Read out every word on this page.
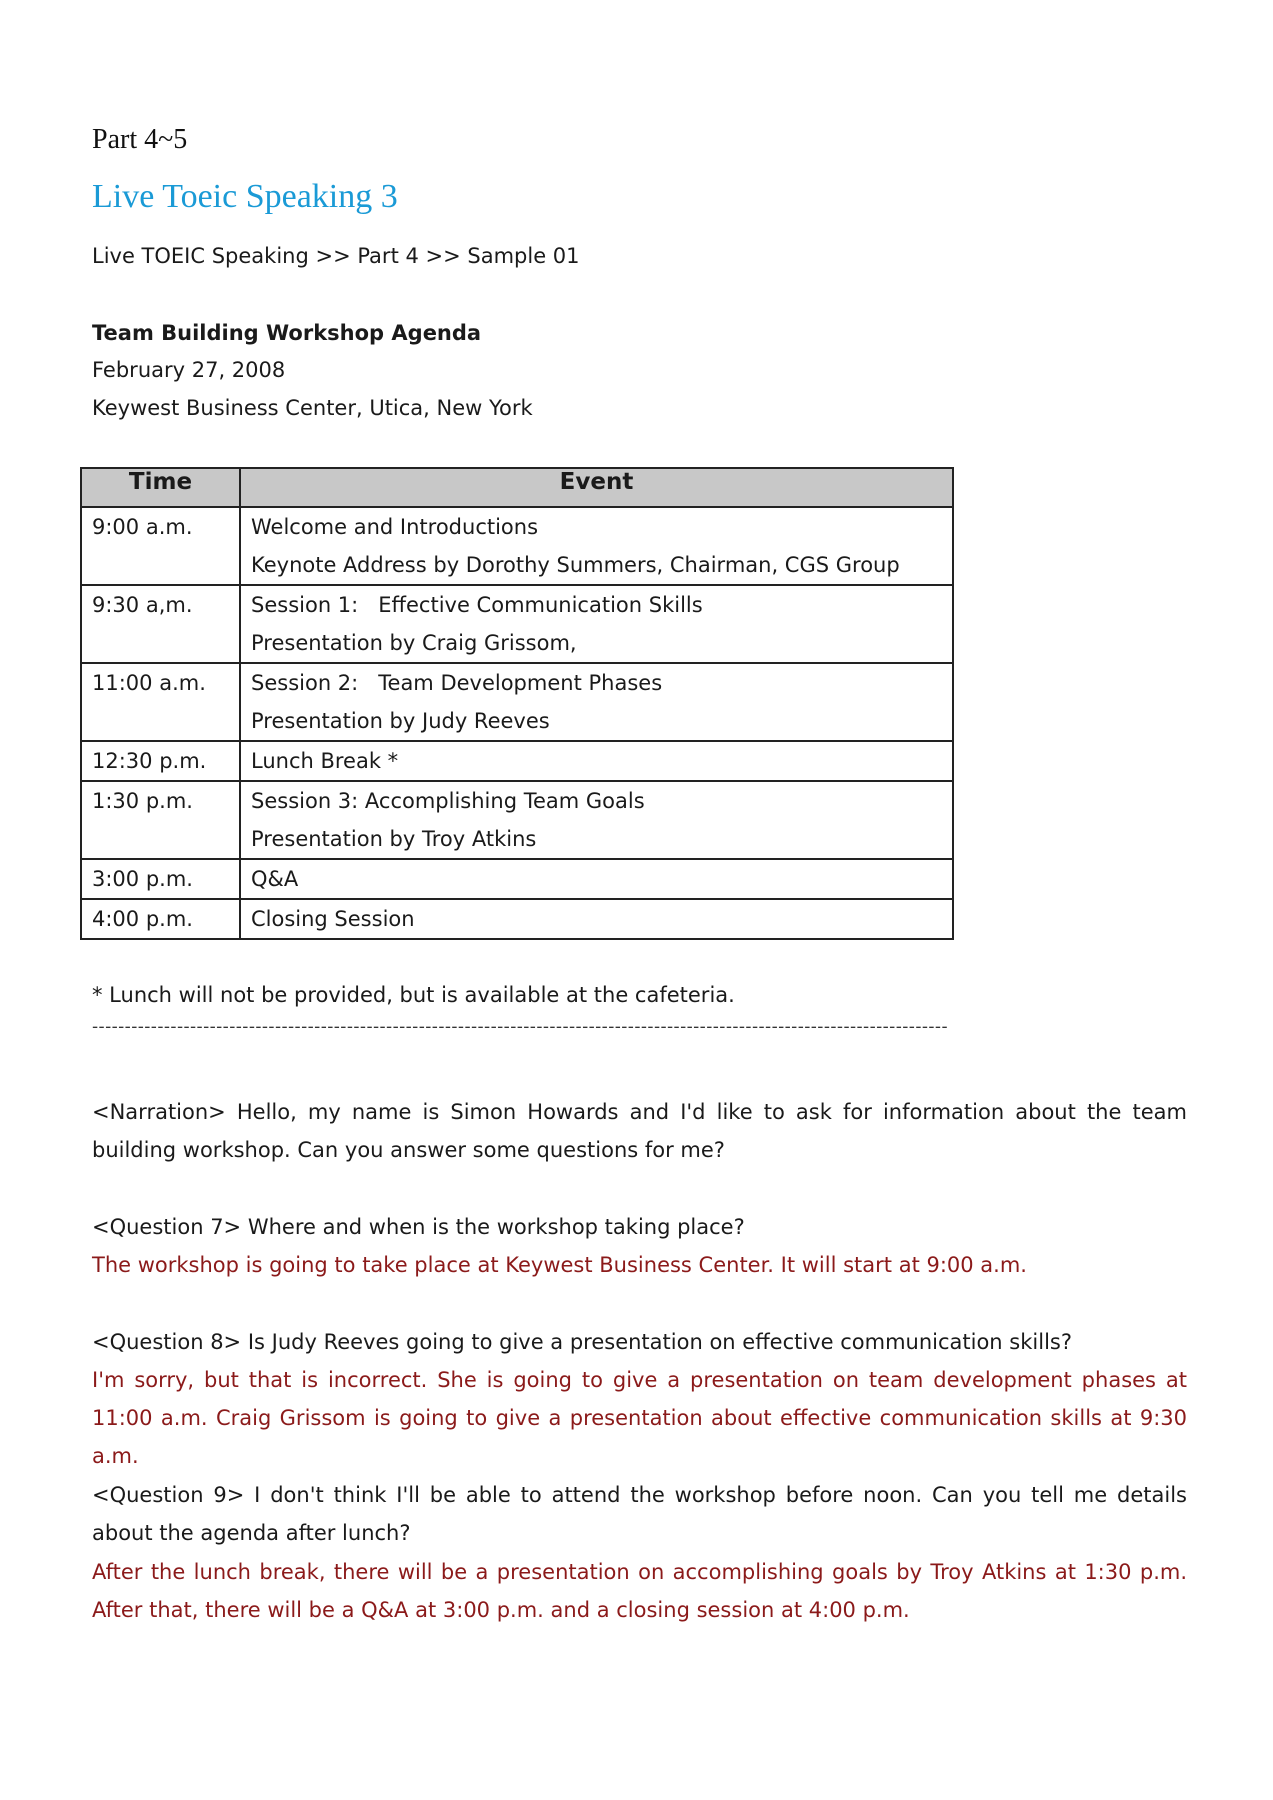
Part 4~5
Live Toeic Speaking 3
Live TOEIC Speaking >> Part 4 >> Sample 01
Team Building Workshop Agenda
February 27, 2008
Keywest Business Center, Utica, New York
Time	Event
9:00 a.m.	Welcome and Introductions
Keynote Address by Dorothy Summers, Chairman, CGS Group

9:30 a,m.	Session 1:   Effective Communication Skills
Presentation by Craig Grissom,

11:00 a.m.	Session 2:   Team Development Phases
Presentation by Judy Reeves

12:30 p.m.	Lunch Break *

1:30 p.m.	Session 3: Accomplishing Team Goals
Presentation by Troy Atkins

3:00 p.m.	Q&A

4:00 p.m.	Closing Session
* Lunch will not be provided, but is available at the cafeteria.
-----------------------------------------------------------------------------------------------------------------------------------
<Narration> Hello, my name is Simon Howards and I'd like to ask for information about the team building workshop. Can you answer some questions for me?
<Question 7> Where and when is the workshop taking place?
The workshop is going to take place at Keywest Business Center. It will start at 9:00 a.m.
<Question 8> Is Judy Reeves going to give a presentation on effective communication skills?
I'm sorry, but that is incorrect. She is going to give a presentation on team development phases at 11:00 a.m. Craig Grissom is going to give a presentation about effective communication skills at 9:30 a.m.
<Question 9> I don't think I'll be able to attend the workshop before noon. Can you tell me details about the agenda after lunch?
After the lunch break, there will be a presentation on accomplishing goals by Troy Atkins at 1:30 p.m. After that, there will be a Q&A at 3:00 p.m. and a closing session at 4:00 p.m.
